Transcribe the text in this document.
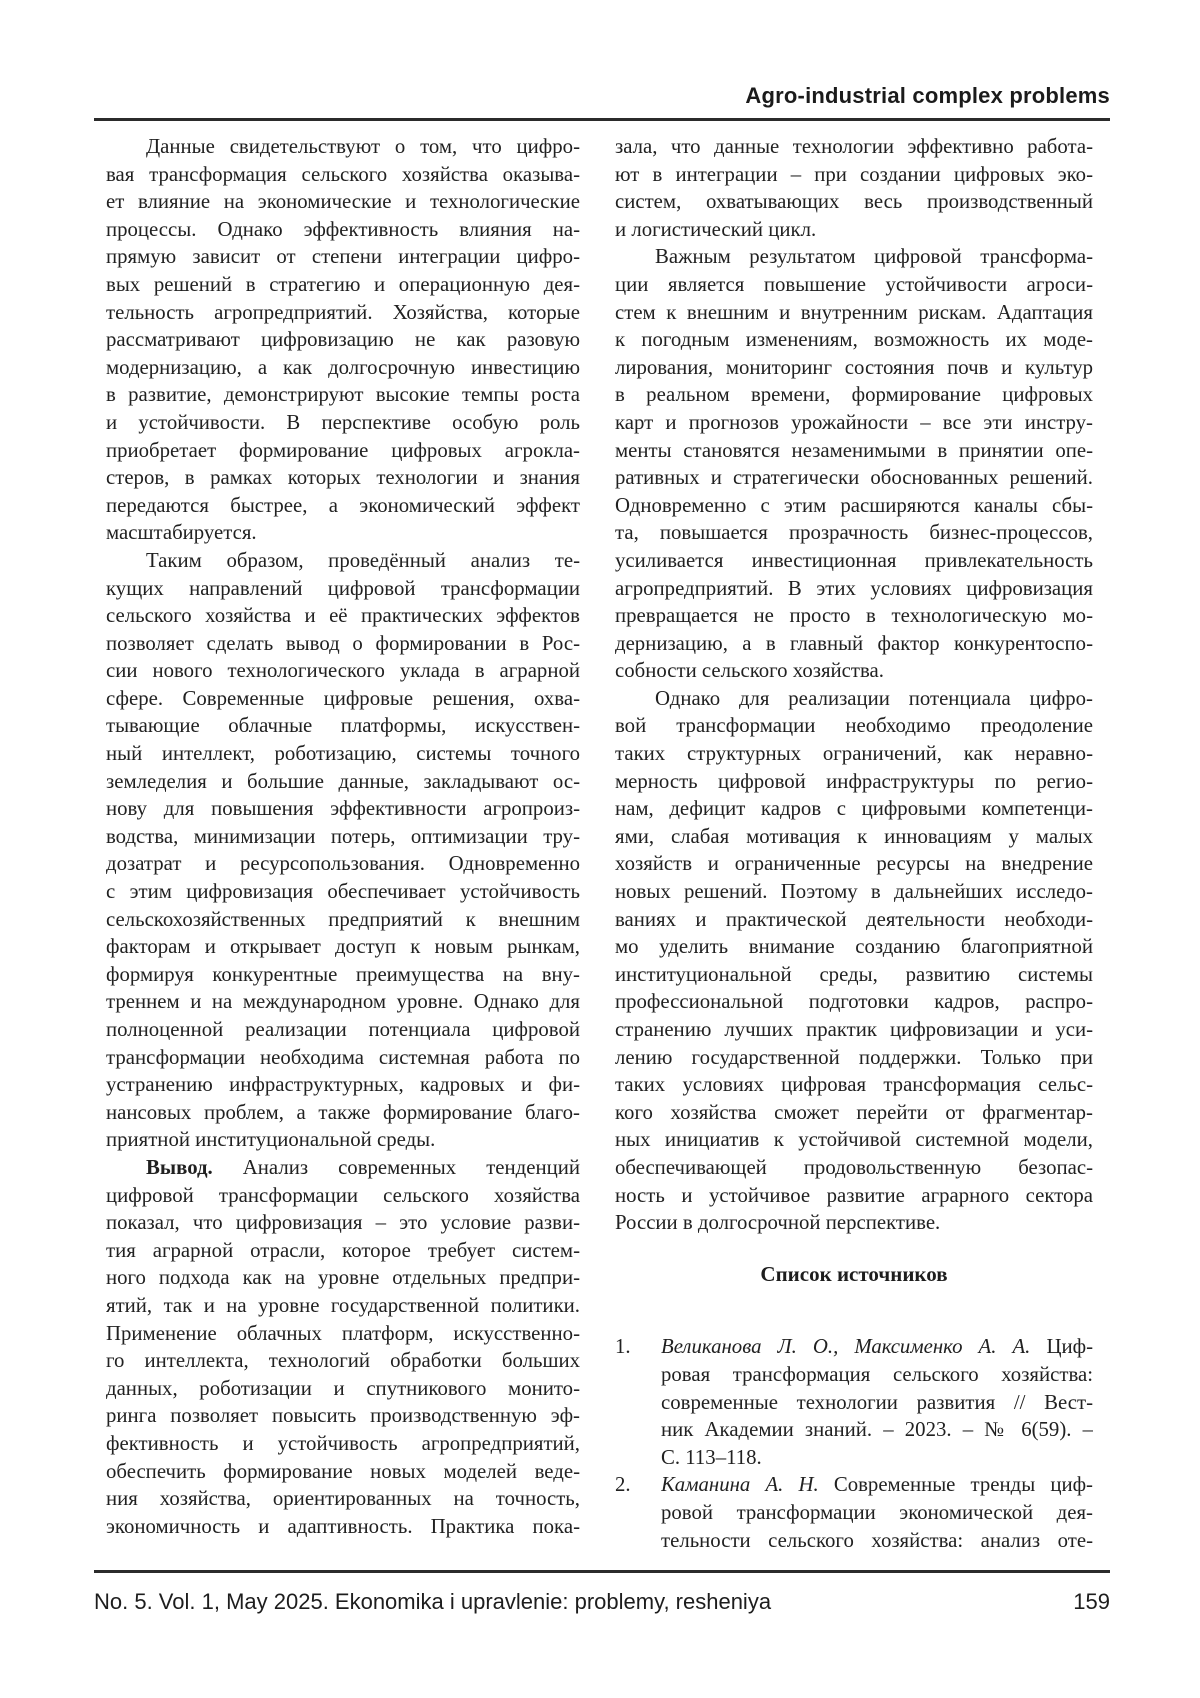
Agro-industrial complex problems
Данные свидетельствуют о том, что цифро-
вая трансформация сельского хозяйства оказыва-
ет влияние на экономические и технологические
процессы. Однако эффективность влияния на-
прямую зависит от степени интеграции цифро-
вых решений в стратегию и операционную дея-
тельность агропредприятий. Хозяйства, которые
рассматривают цифровизацию не как разовую
модернизацию, а как долгосрочную инвестицию
в развитие, демонстрируют высокие темпы роста
и устойчивости. В перспективе особую роль
приобретает формирование цифровых агрокла-
стеров, в рамках которых технологии и знания
передаются быстрее, а экономический эффект
масштабируется.
Таким образом, проведённый анализ те-
кущих направлений цифровой трансформации
сельского хозяйства и её практических эффектов
позволяет сделать вывод о формировании в Рос-
сии нового технологического уклада в аграрной
сфере. Современные цифровые решения, охва-
тывающие облачные платформы, искусствен-
ный интеллект, роботизацию, системы точного
земледелия и большие данные, закладывают ос-
нову для повышения эффективности агропроиз-
водства, минимизации потерь, оптимизации тру-
дозатрат и ресурсопользования. Одновременно
с этим цифровизация обеспечивает устойчивость
сельскохозяйственных предприятий к внешним
факторам и открывает доступ к новым рынкам,
формируя конкурентные преимущества на вну-
треннем и на международном уровне. Однако для
полноценной реализации потенциала цифровой
трансформации необходима системная работа по
устранению инфраструктурных, кадровых и фи-
нансовых проблем, а также формирование благо-
приятной институциональной среды.
Вывод. Анализ современных тенденций
цифровой трансформации сельского хозяйства
показал, что цифровизация – это условие разви-
тия аграрной отрасли, которое требует систем-
ного подхода как на уровне отдельных предпри-
ятий, так и на уровне государственной политики.
Применение облачных платформ, искусственно-
го интеллекта, технологий обработки больших
данных, роботизации и спутникового монито-
ринга позволяет повысить производственную эф-
фективность и устойчивость агропредприятий,
обеспечить формирование новых моделей веде-
ния хозяйства, ориентированных на точность,
экономичность и адаптивность. Практика пока-
зала, что данные технологии эффективно работа-
ют в интеграции – при создании цифровых эко-
систем, охватывающих весь производственный
и логистический цикл.
Важным результатом цифровой трансформа-
ции является повышение устойчивости агроси-
стем к внешним и внутренним рискам. Адаптация
к погодным изменениям, возможность их моде-
лирования, мониторинг состояния почв и культур
в реальном времени, формирование цифровых
карт и прогнозов урожайности – все эти инстру-
менты становятся незаменимыми в принятии опе-
ративных и стратегически обоснованных решений.
Одновременно с этим расширяются каналы сбы-
та, повышается прозрачность бизнес-процессов,
усиливается инвестиционная привлекательность
агропредприятий. В этих условиях цифровизация
превращается не просто в технологическую мо-
дернизацию, а в главный фактор конкурентоспо-
собности сельского хозяйства.
Однако для реализации потенциала цифро-
вой трансформации необходимо преодоление
таких структурных ограничений, как неравно-
мерность цифровой инфраструктуры по регио-
нам, дефицит кадров с цифровыми компетенци-
ями, слабая мотивация к инновациям у малых
хозяйств и ограниченные ресурсы на внедрение
новых решений. Поэтому в дальнейших исследо-
ваниях и практической деятельности необходи-
мо уделить внимание созданию благоприятной
институциональной среды, развитию системы
профессиональной подготовки кадров, распро-
странению лучших практик цифровизации и уси-
лению государственной поддержки. Только при
таких условиях цифровая трансформация сельс-
кого хозяйства сможет перейти от фрагментар-
ных инициатив к устойчивой системной модели,
обеспечивающей продовольственную безопас-
ность и устойчивое развитие аграрного сектора
России в долгосрочной перспективе.
Список источников
1. Великанова Л. О., Максименко А. А. Циф-
ровая трансформация сельского хозяйства:
современные технологии развития // Вест-
ник Академии знаний. – 2023. – № 6(59). –
С. 113–118.
2. Каманина А. Н. Современные тренды циф-
ровой трансформации экономической дея-
тельности сельского хозяйства: анализ оте-
No. 5. Vol. 1, May 2025. Ekonomika i upravlenie: problemy, resheniya	159
